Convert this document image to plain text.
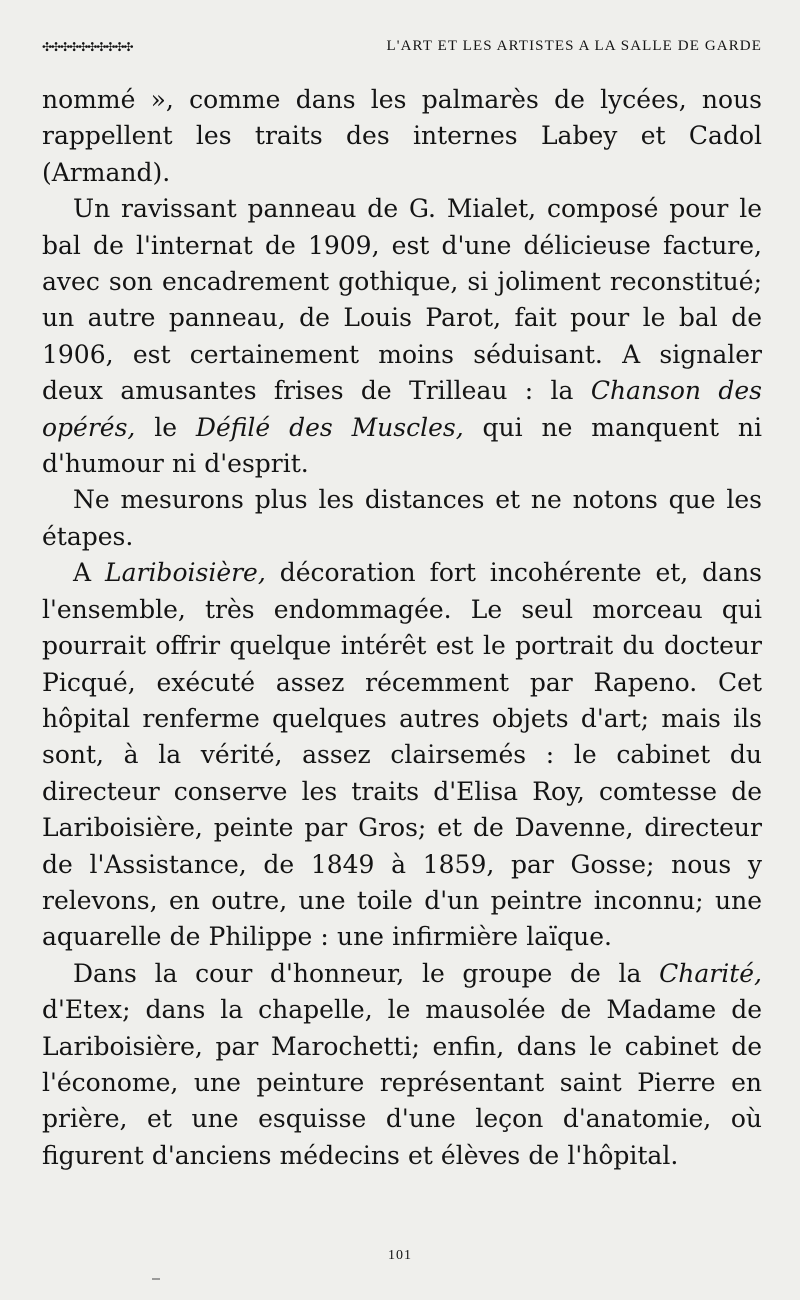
✣✣✣✣✣✣✣✣✣✣	L'ART ET LES ARTISTES A LA SALLE DE GARDE

nommé », comme dans les palmarès de lycées, nous rappellent les traits des internes Labey et Cadol (Armand).

Un ravissant panneau de G. Mialet, composé pour le bal de l'internat de 1909, est d'une délicieuse facture, avec son encadrement gothique, si joliment reconstitué; un autre panneau, de Louis Parot, fait pour le bal de 1906, est certainement moins séduisant. A signaler deux amusantes frises de Trilleau : la Chanson des opérés, le Défilé des Muscles, qui ne manquent ni d'humour ni d'esprit.

Ne mesurons plus les distances et ne notons que les étapes.

A Lariboisière, décoration fort incohérente et, dans l'ensemble, très endommagée. Le seul morceau qui pourrait offrir quelque intérêt est le portrait du docteur Picqué, exécuté assez récemment par Rapeno. Cet hôpital renferme quelques autres objets d'art; mais ils sont, à la vérité, assez clairsemés : le cabinet du directeur conserve les traits d'Elisa Roy, comtesse de Lariboisière, peinte par Gros; et de Davenne, directeur de l'Assistance, de 1849 à 1859, par Gosse; nous y relevons, en outre, une toile d'un peintre inconnu; une aquarelle de Philippe : une infirmière laïque.

Dans la cour d'honneur, le groupe de la Charité, d'Etex; dans la chapelle, le mausolée de Madame de Lariboisière, par Marochetti; enfin, dans le cabinet de l'économe, une peinture représentant saint Pierre en prière, et une esquisse d'une leçon d'anatomie, où figurent d'anciens médecins et élèves de l'hôpital.

101
